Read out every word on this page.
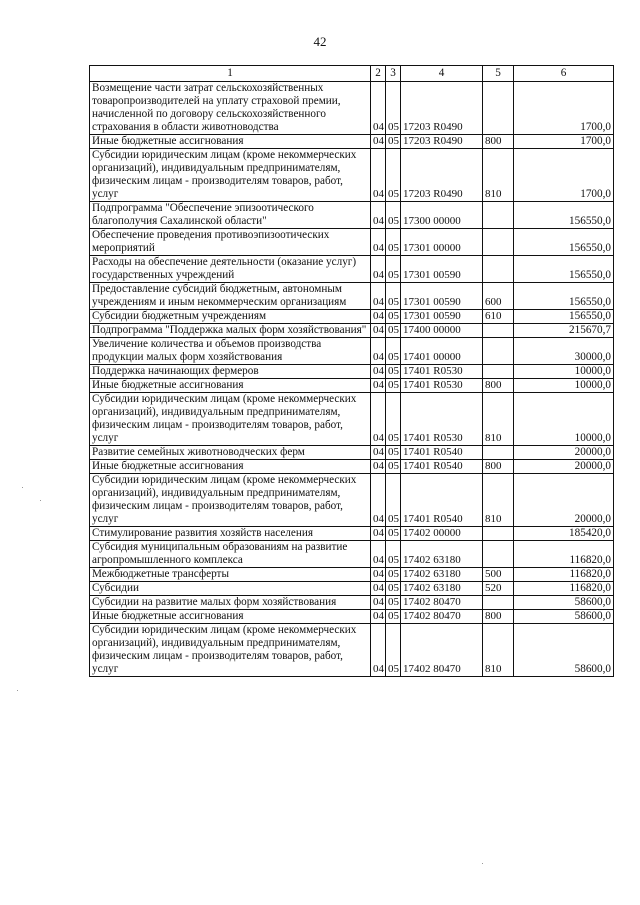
42
1	2	3	4	5	6
Возмещение части затрат сельскохозяйственных товаропроизводителей на уплату страховой премии, начисленной по договору сельскохозяйственного страхования в области животноводства	04	05	17203 R0490		1700,0
Иные бюджетные ассигнования	04	05	17203 R0490	800	1700,0
Субсидии юридическим лицам (кроме некоммерческих организаций), индивидуальным предпринимателям, физическим лицам - производителям товаров, работ, услуг	04	05	17203 R0490	810	1700,0
Подпрограмма "Обеспечение эпизоотического благополучия Сахалинской области"	04	05	17300 00000		156550,0
Обеспечение проведения противоэпизоотических мероприятий	04	05	17301 00000		156550,0
Расходы на обеспечение деятельности (оказание услуг) государственных учреждений	04	05	17301 00590		156550,0
Предоставление субсидий бюджетным, автономным учреждениям и иным некоммерческим организациям	04	05	17301 00590	600	156550,0
Субсидии бюджетным учреждениям	04	05	17301 00590	610	156550,0
Подпрограмма "Поддержка малых форм хозяйствования"	04	05	17400 00000		215670,7
Увеличение количества и объемов производства продукции малых форм хозяйствования	04	05	17401 00000		30000,0
Поддержка начинающих фермеров	04	05	17401 R0530		10000,0
Иные бюджетные ассигнования	04	05	17401 R0530	800	10000,0
Субсидии юридическим лицам (кроме некоммерческих организаций), индивидуальным предпринимателям, физическим лицам - производителям товаров, работ, услуг	04	05	17401 R0530	810	10000,0
Развитие семейных животноводческих ферм	04	05	17401 R0540		20000,0
Иные бюджетные ассигнования	04	05	17401 R0540	800	20000,0
Субсидии юридическим лицам (кроме некоммерческих организаций), индивидуальным предпринимателям, физическим лицам - производителям товаров, работ, услуг	04	05	17401 R0540	810	20000,0
Стимулирование развития хозяйств населения	04	05	17402 00000		185420,0
Субсидия муниципальным образованиям на развитие агропромышленного комплекса	04	05	17402 63180		116820,0
Межбюджетные трансферты	04	05	17402 63180	500	116820,0
Субсидии	04	05	17402 63180	520	116820,0
Субсидии на развитие малых форм хозяйствования	04	05	17402 80470		58600,0
Иные бюджетные ассигнования	04	05	17402 80470	800	58600,0
Субсидии юридическим лицам (кроме некоммерческих организаций), индивидуальным предпринимателям, физическим лицам - производителям товаров, работ, услуг	04	05	17402 80470	810	58600,0
